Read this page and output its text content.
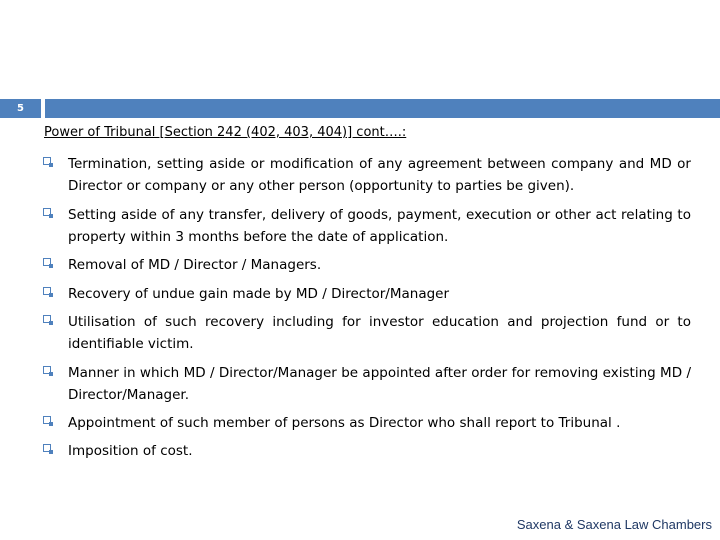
5
Power of Tribunal [Section 242 (402, 403, 404)] cont….:
Termination, setting aside or modification of any agreement between company and MD or Director or company or any other person (opportunity to parties be given).
Setting aside of any transfer, delivery of goods, payment, execution or other act relating to property within 3 months before the date of application.
Removal of MD / Director / Managers.
Recovery of undue gain made by MD / Director/Manager
Utilisation of such recovery including for investor education and projection fund or to identifiable victim.
Manner in which MD / Director/Manager be appointed after order for removing existing MD / Director/Manager.
Appointment of such member of persons as Director who shall report to Tribunal .
Imposition of cost.
Saxena & Saxena Law Chambers
